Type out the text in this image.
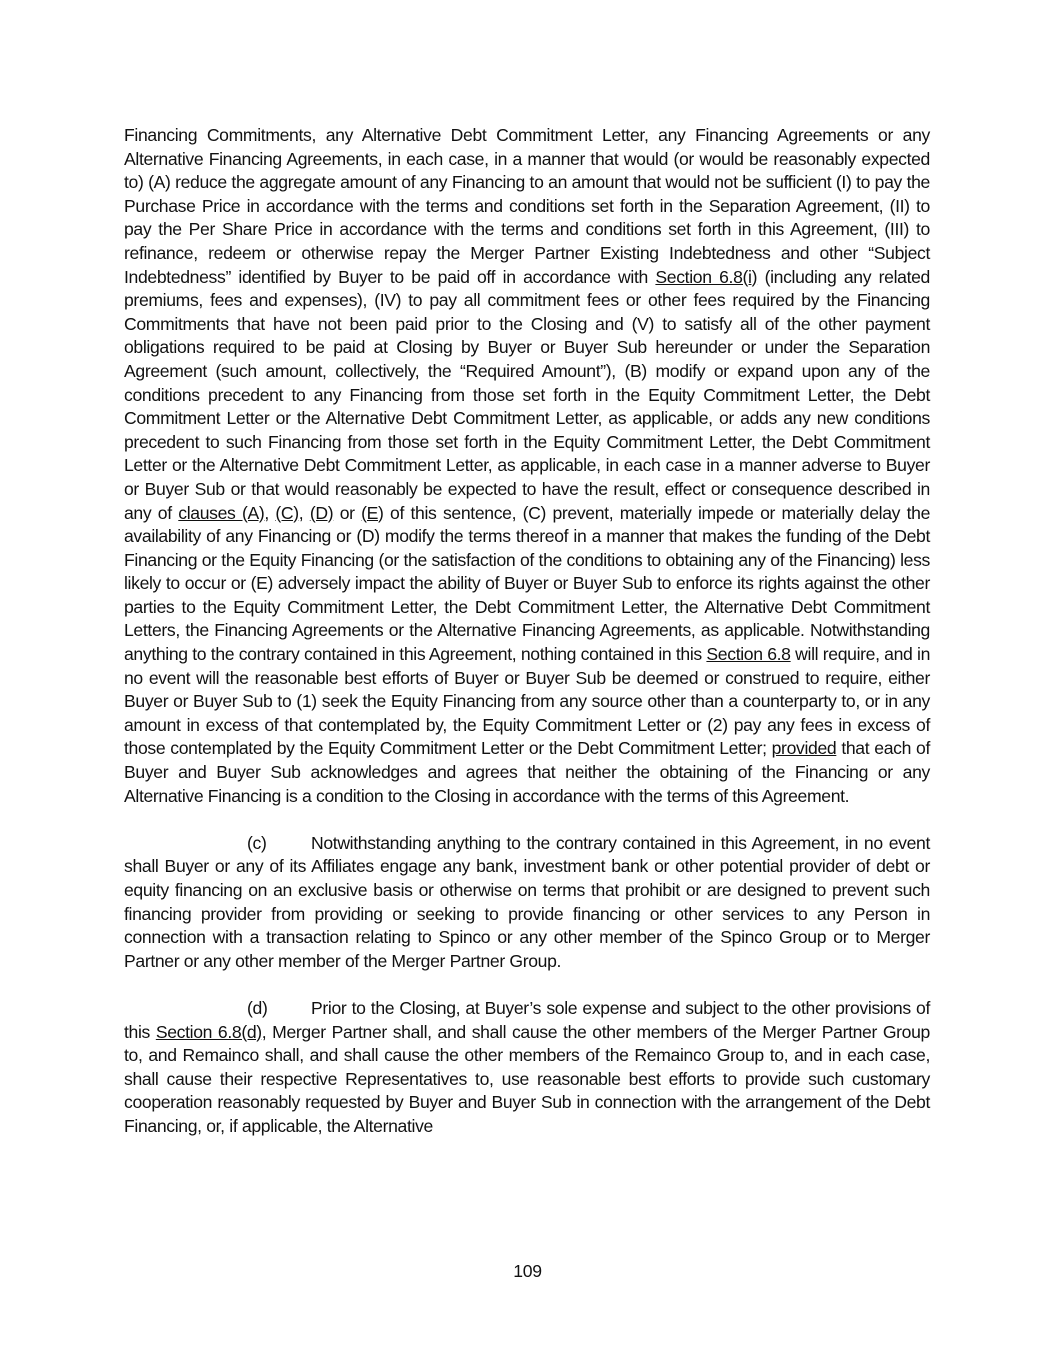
Financing Commitments, any Alternative Debt Commitment Letter, any Financing Agreements or any Alternative Financing Agreements, in each case, in a manner that would (or would be reasonably expected to) (A) reduce the aggregate amount of any Financing to an amount that would not be sufficient (I) to pay the Purchase Price in accordance with the terms and conditions set forth in the Separation Agreement, (II) to pay the Per Share Price in accordance with the terms and conditions set forth in this Agreement, (III) to refinance, redeem or otherwise repay the Merger Partner Existing Indebtedness and other “Subject Indebtedness” identified by Buyer to be paid off in accordance with Section 6.8(i) (including any related premiums, fees and expenses), (IV) to pay all commitment fees or other fees required by the Financing Commitments that have not been paid prior to the Closing and (V) to satisfy all of the other payment obligations required to be paid at Closing by Buyer or Buyer Sub hereunder or under the Separation Agreement (such amount, collectively, the “Required Amount”), (B) modify or expand upon any of the conditions precedent to any Financing from those set forth in the Equity Commitment Letter, the Debt Commitment Letter or the Alternative Debt Commitment Letter, as applicable, or adds any new conditions precedent to such Financing from those set forth in the Equity Commitment Letter, the Debt Commitment Letter or the Alternative Debt Commitment Letter, as applicable, in each case in a manner adverse to Buyer or Buyer Sub or that would reasonably be expected to have the result, effect or consequence described in any of clauses (A), (C), (D) or (E) of this sentence, (C) prevent, materially impede or materially delay the availability of any Financing or (D) modify the terms thereof in a manner that makes the funding of the Debt Financing or the Equity Financing (or the satisfaction of the conditions to obtaining any of the Financing) less likely to occur or (E) adversely impact the ability of Buyer or Buyer Sub to enforce its rights against the other parties to the Equity Commitment Letter, the Debt Commitment Letter, the Alternative Debt Commitment Letters, the Financing Agreements or the Alternative Financing Agreements, as applicable. Notwithstanding anything to the contrary contained in this Agreement, nothing contained in this Section 6.8 will require, and in no event will the reasonable best efforts of Buyer or Buyer Sub be deemed or construed to require, either Buyer or Buyer Sub to (1) seek the Equity Financing from any source other than a counterparty to, or in any amount in excess of that contemplated by, the Equity Commitment Letter or (2) pay any fees in excess of those contemplated by the Equity Commitment Letter or the Debt Commitment Letter; provided that each of Buyer and Buyer Sub acknowledges and agrees that neither the obtaining of the Financing or any Alternative Financing is a condition to the Closing in accordance with the terms of this Agreement.

(c)	Notwithstanding anything to the contrary contained in this Agreement, in no event shall Buyer or any of its Affiliates engage any bank, investment bank or other potential provider of debt or equity financing on an exclusive basis or otherwise on terms that prohibit or are designed to prevent such financing provider from providing or seeking to provide financing or other services to any Person in connection with a transaction relating to Spinco or any other member of the Spinco Group or to Merger Partner or any other member of the Merger Partner Group.

(d) Prior to the Closing, at Buyer’s sole expense and subject to the other provisions of this Section 6.8(d), Merger Partner shall, and shall cause the other members of the Merger Partner Group to, and Remainco shall, and shall cause the other members of the Remainco Group to, and in each case, shall cause their respective Representatives to, use reasonable best efforts to provide such customary cooperation reasonably requested by Buyer and Buyer Sub in connection with the arrangement of the Debt Financing, or, if applicable, the Alternative

109
